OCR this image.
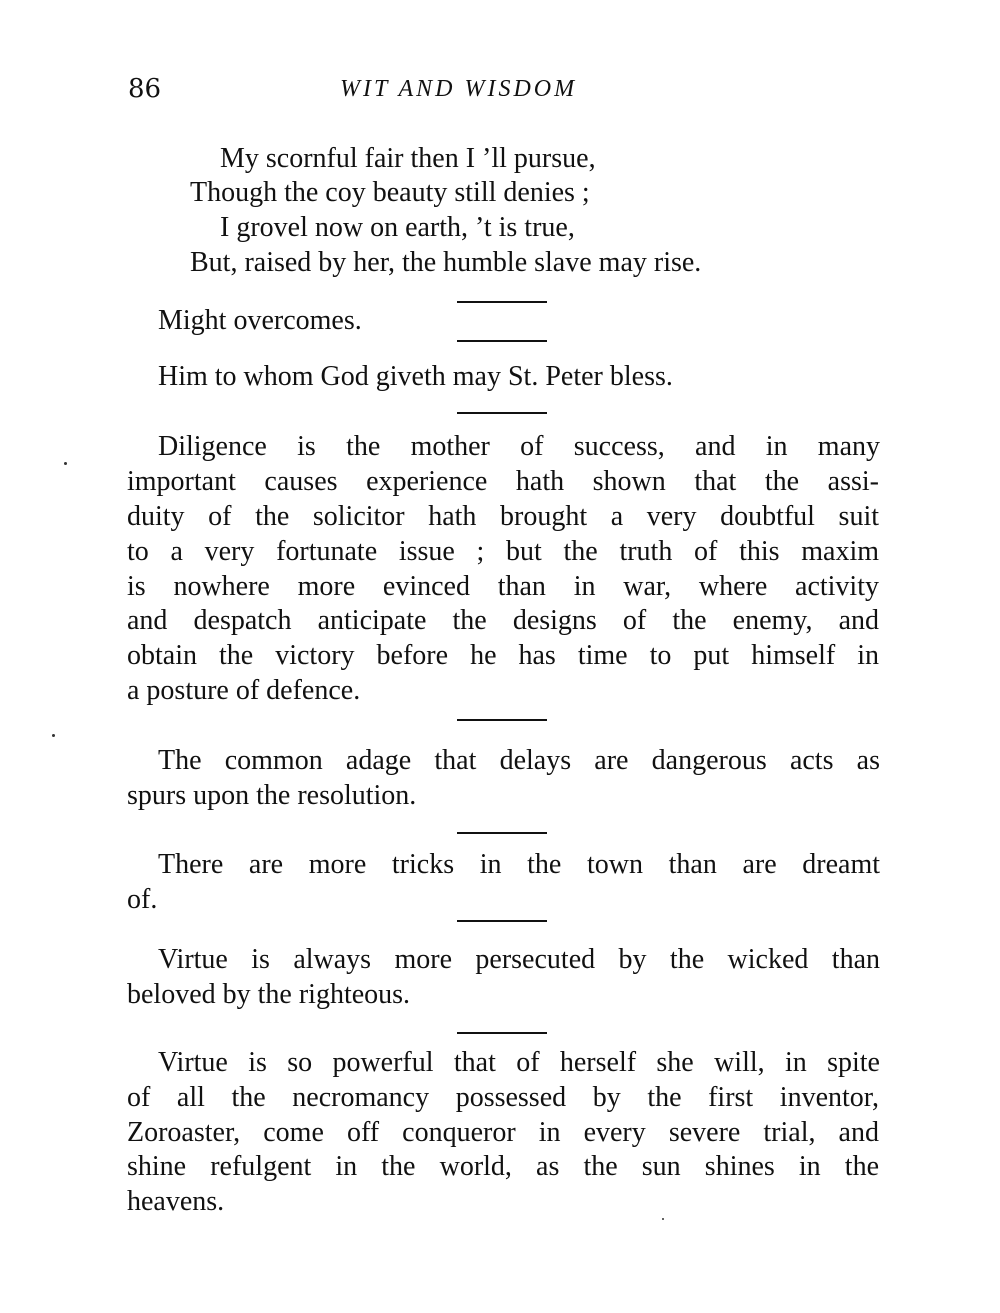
86	WIT AND WISDOM
My scornful fair then I ’ll pursue,
Though the coy beauty still denies ;
I grovel now on earth, ’t is true,
But, raised by her, the humble slave may rise.
Might overcomes.
Him to whom God giveth may St. Peter bless.
Diligence is the mother of success, and in many
important causes experience hath shown that the assi-
duity of the solicitor hath brought a very doubtful suit
to a very fortunate issue ; but the truth of this maxim
is nowhere more evinced than in war, where activity
and despatch anticipate the designs of the enemy, and
obtain the victory before he has time to put himself in
a posture of defence.
The common adage that delays are dangerous acts as
spurs upon the resolution.
There are more tricks in the town than are dreamt
of.
Virtue is always more persecuted by the wicked than
beloved by the righteous.
Virtue is so powerful that of herself she will, in spite
of all the necromancy possessed by the first inventor,
Zoroaster, come off conqueror in every severe trial, and
shine refulgent in the world, as the sun shines in the
heavens.
